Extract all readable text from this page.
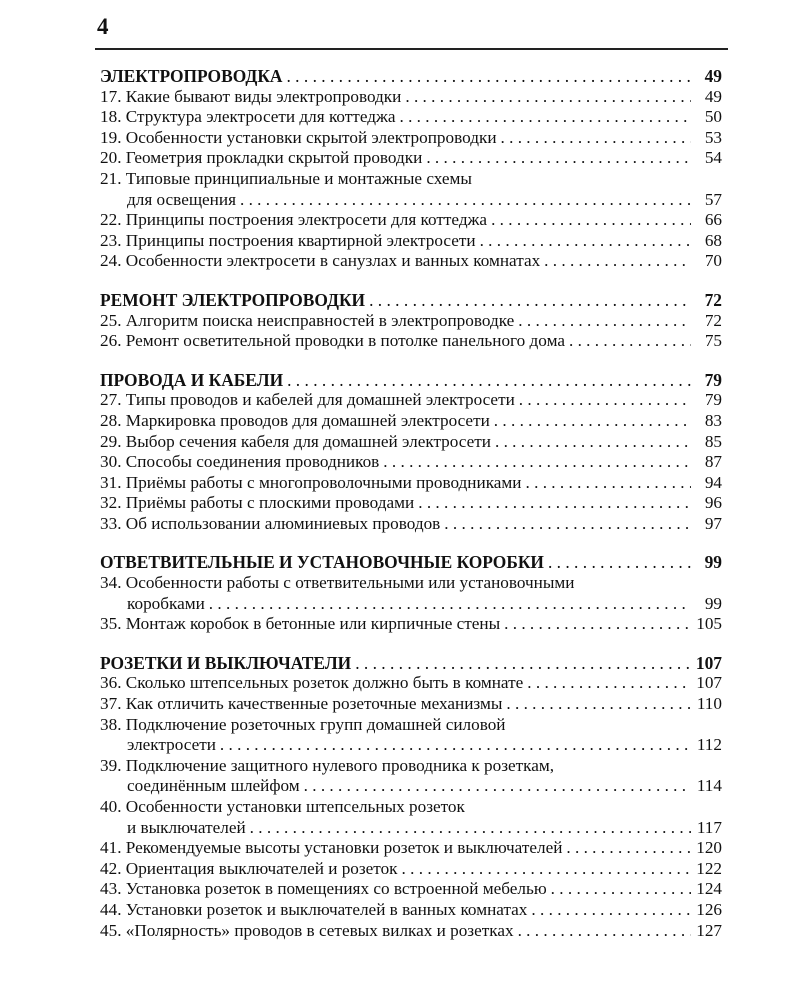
4
ЭЛЕКТРОПРОВОДКА . . .	49
17. Какие бывают виды электропроводки . . .	49
18. Структура электросети для коттеджа . . .	50
19. Особенности установки скрытой электропроводки . . .	53
20. Геометрия прокладки скрытой проводки . . .	54
21. Типовые принципиальные и монтажные схемы
для освещения . . .	57
22. Принципы построения электросети для коттеджа . . .	66
23. Принципы построения квартирной электросети . . .	68
24. Особенности электросети в санузлах и ванных комнатах . . .	70
РЕМОНТ ЭЛЕКТРОПРОВОДКИ . . .	72
25. Алгоритм поиска неисправностей в электропроводке . . .	72
26. Ремонт осветительной проводки в потолке панельного дома . . .	75
ПРОВОДА И КАБЕЛИ . . .	79
27. Типы проводов и кабелей для домашней электросети . . .	79
28. Маркировка проводов для домашней электросети . . .	83
29. Выбор сечения кабеля для домашней электросети . . .	85
30. Способы соединения проводников . . .	87
31. Приёмы работы с многопроволочными проводниками . . .	94
32. Приёмы работы с плоскими проводами . . .	96
33. Об использовании алюминиевых проводов . . .	97
ОТВЕТВИТЕЛЬНЫЕ И УСТАНОВОЧНЫЕ КОРОБКИ . . .	99
34. Особенности работы с ответвительными или установочными
коробками . . .	99
35. Монтаж коробок в бетонные или кирпичные стены . . .	105
РОЗЕТКИ И ВЫКЛЮЧАТЕЛИ . . .	107
36. Сколько штепсельных розеток должно быть в комнате . . .	107
37. Как отличить качественные розеточные механизмы . . .	110
38. Подключение розеточных групп домашней силовой
электросети . . .	112
39. Подключение защитного нулевого проводника к розеткам,
соединённым шлейфом . . .	114
40. Особенности установки штепсельных розеток
и выключателей . . .	117
41. Рекомендуемые высоты установки розеток и выключателей . . .	120
42. Ориентация выключателей и розеток . . .	122
43. Установка розеток в помещениях со встроенной мебелью . . .	124
44. Установки розеток и выключателей в ванных комнатах . . .	126
45. «Полярность» проводов в сетевых вилках и розетках . . .	127
